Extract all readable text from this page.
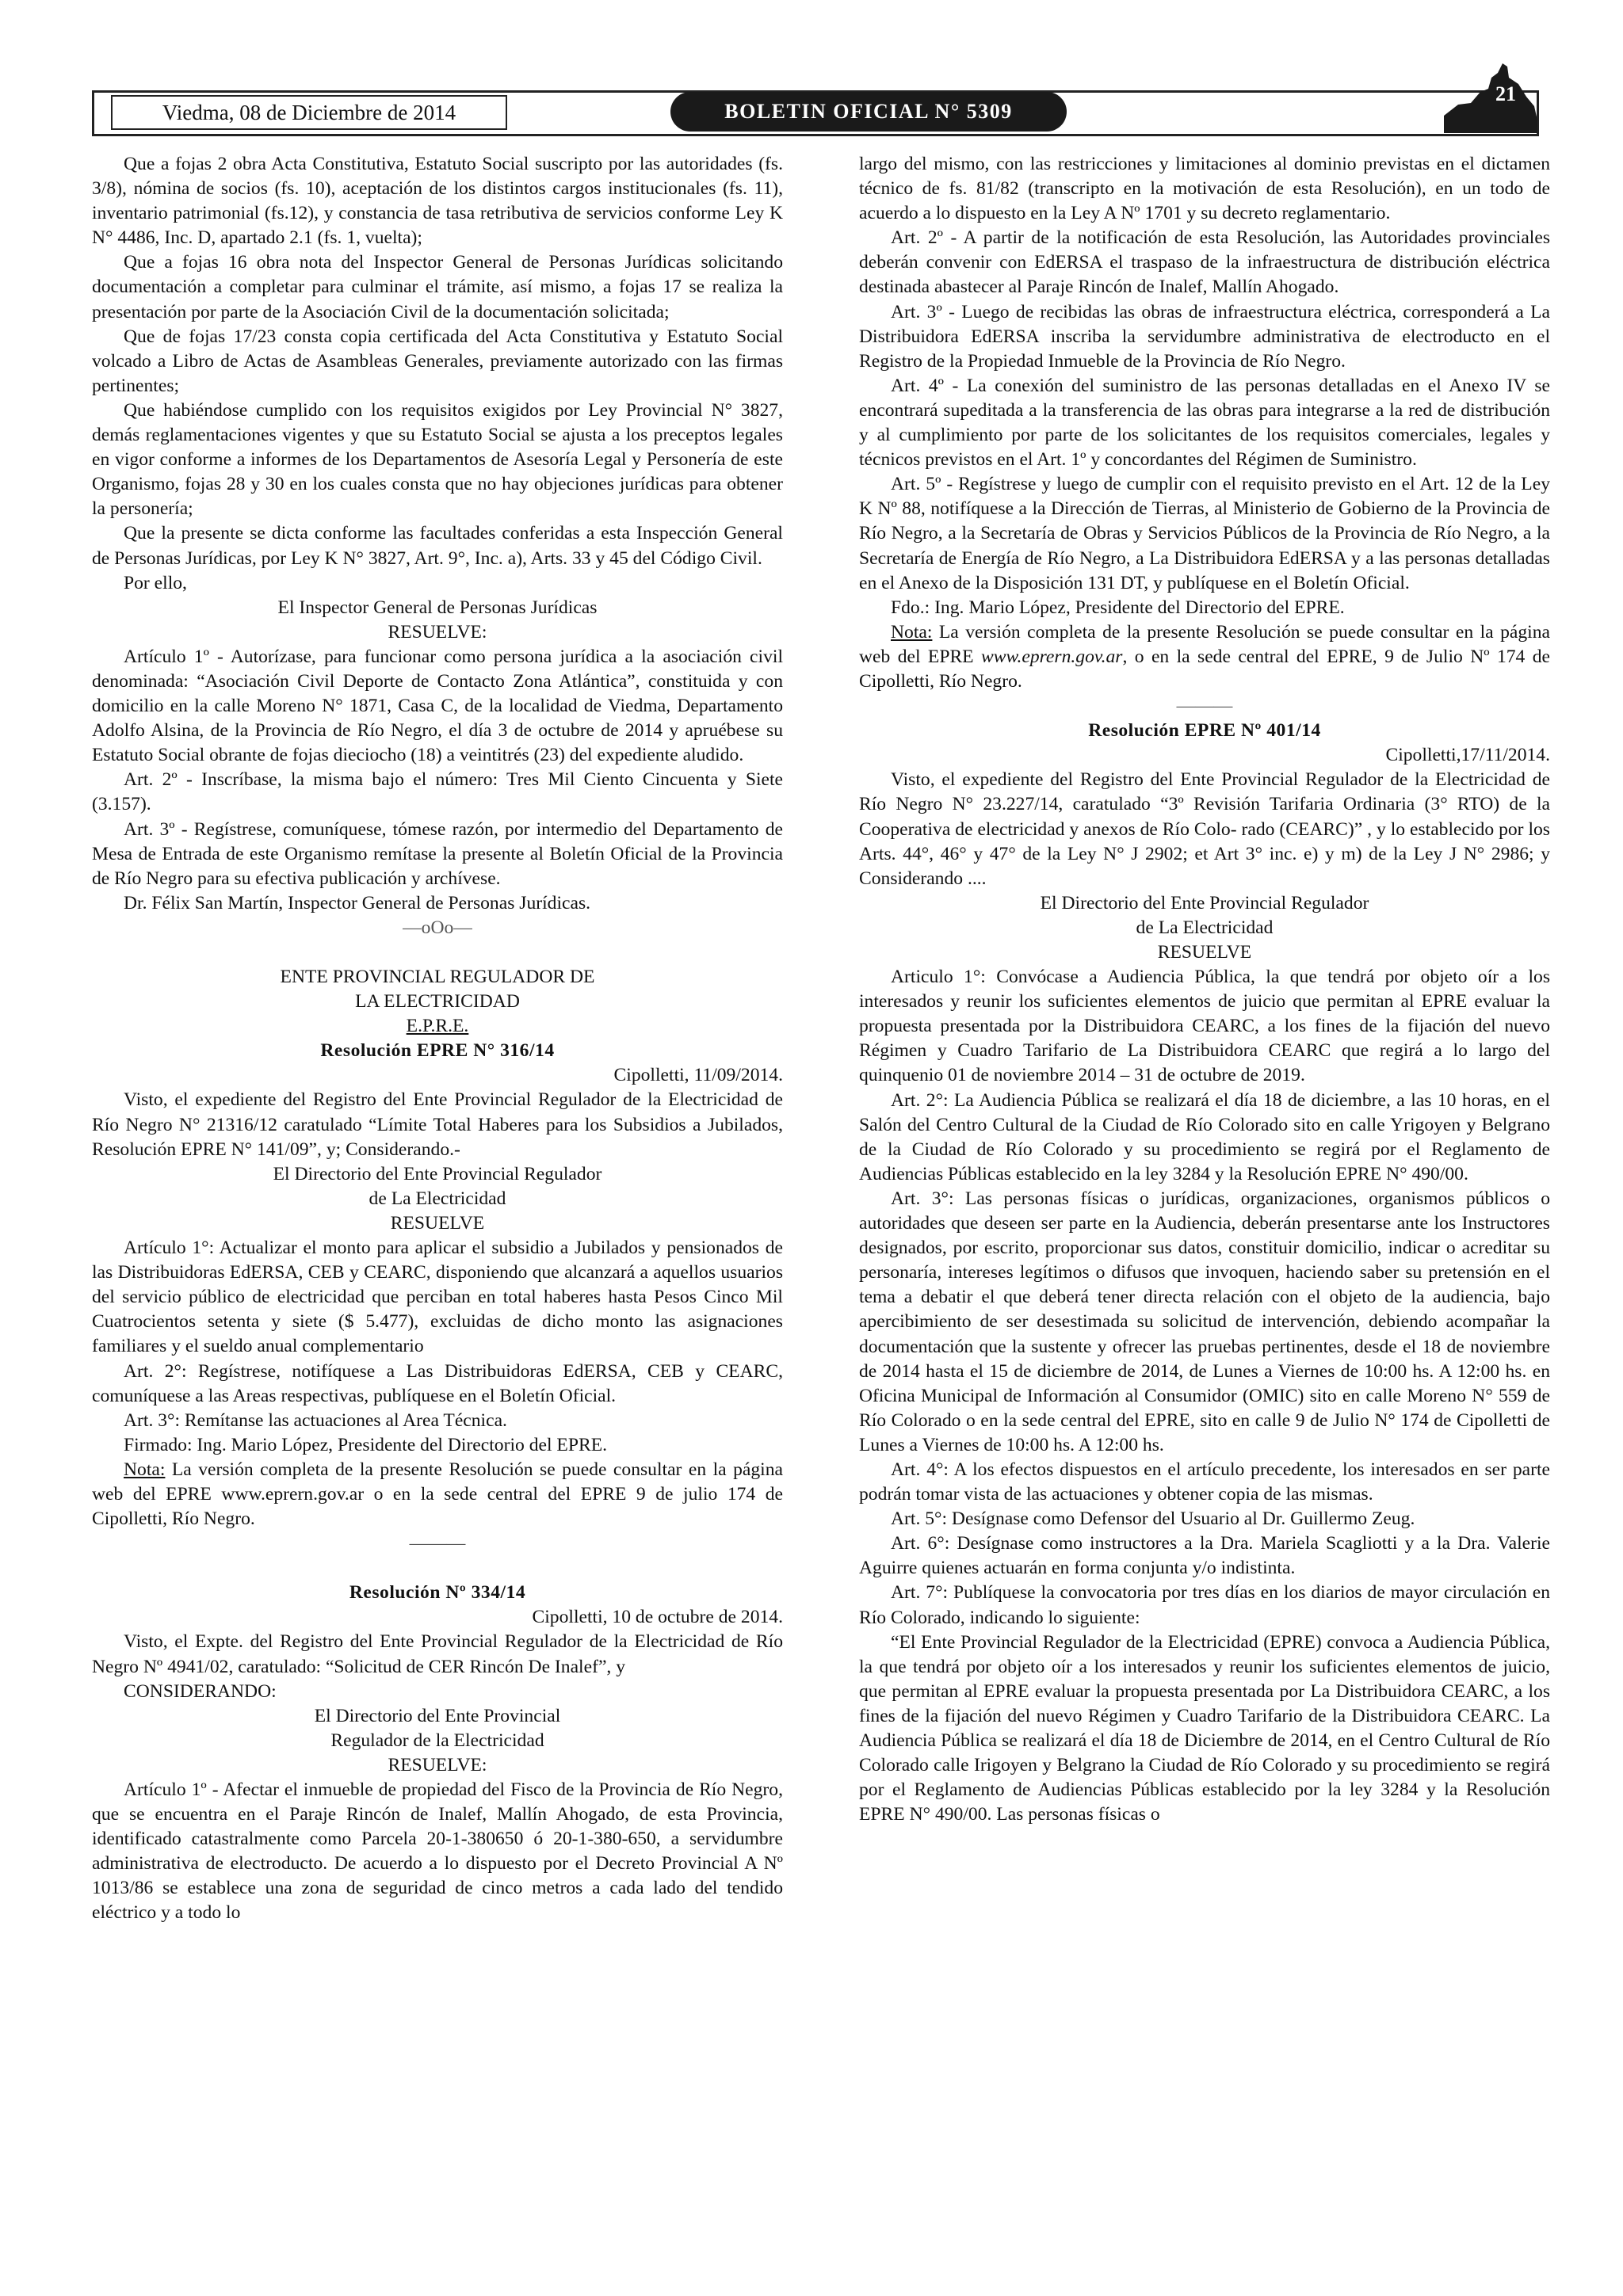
Viedma, 08 de Diciembre de 2014	BOLETIN OFICIAL N° 5309
21

Que a fojas 2 obra Acta Constitutiva, Estatuto Social suscripto por las autoridades (fs. 3/8), nómina de socios (fs. 10), aceptación de los distintos cargos institucionales (fs. 11), inventario patrimonial (fs.12), y constancia de tasa retributiva de servicios conforme Ley K N° 4486, Inc. D, apartado 2.1 (fs. 1, vuelta);

Que a fojas 16 obra nota del Inspector General de Personas Jurídicas solicitando documentación a completar para culminar el trámite, así mismo, a fojas 17 se realiza la presentación por parte de la Asociación Civil de la documentación solicitada;

Que de fojas 17/23 consta copia certificada del Acta Constitutiva y Estatuto Social volcado a Libro de Actas de Asambleas Generales, previamente autorizado con las firmas pertinentes;

Que habiéndose cumplido con los requisitos exigidos por Ley Provincial N° 3827, demás reglamentaciones vigentes y que su Estatuto Social se ajusta a los preceptos legales en vigor conforme a informes de los Departamentos de Asesoría Legal y Personería de este Organismo, fojas 28 y 30 en los cuales consta que no hay objeciones jurídicas para obtener la personería;

Que la presente se dicta conforme las facultades conferidas a esta Inspección General de Personas Jurídicas, por Ley K N° 3827, Art. 9°, Inc. a), Arts. 33 y 45 del Código Civil.

Por ello,

El Inspector General de Personas Jurídicas

RESUELVE:

Artículo 1º - Autorízase, para funcionar como persona jurídica a la asociación civil denominada: “Asociación Civil Deporte de Contacto Zona Atlántica”, constituida y con domicilio en la calle Moreno N° 1871, Casa C, de la localidad de Viedma, Departamento Adolfo Alsina, de la Provincia de Río Negro, el día 3 de octubre de 2014 y apruébese su Estatuto Social obrante de fojas dieciocho (18) a veintitrés (23) del expediente aludido.

Art. 2º - Inscríbase, la misma bajo el número: Tres Mil Ciento Cincuenta y Siete (3.157).

Art. 3º - Regístrese, comuníquese, tómese razón, por intermedio del Departamento de Mesa de Entrada de este Organismo remítase la presente al Boletín Oficial de la Provincia de Río Negro para su efectiva publicación y archívese.

Dr. Félix San Martín, Inspector General de Personas Jurídicas.

—oOo—

ENTE PROVINCIAL REGULADOR DE

LA ELECTRICIDAD

E.P.R.E.

Resolución EPRE N° 316/14

Cipolletti, 11/09/2014.

Visto, el expediente del Registro del Ente Provincial Regulador de la Electricidad de Río Negro N° 21316/12 caratulado “Límite Total Haberes para los Subsidios a Jubilados, Resolución EPRE N° 141/09”, y; Considerando.-

El Directorio del Ente Provincial Regulador

de La Electricidad

RESUELVE

Artículo 1°: Actualizar el monto para aplicar el subsidio a Jubilados y pensionados de las Distribuidoras EdERSA, CEB y CEARC, disponiendo que alcanzará a aquellos usuarios del servicio público de electricidad que perciban en total haberes hasta Pesos Cinco Mil Cuatrocientos setenta y siete ($ 5.477), excluidas de dicho monto las asignaciones familiares y el sueldo anual complementario

Art. 2°: Regístrese, notifíquese a Las Distribuidoras EdERSA, CEB y CEARC, comuníquese a las Areas respectivas, publíquese en el Boletín Oficial.

Art. 3°: Remítanse las actuaciones al Area Técnica.

Firmado: Ing. Mario López, Presidente del Directorio del EPRE.

Nota: La versión completa de la presente Resolución se puede consultar en la página web del EPRE www.eprern.gov.ar o en la sede central del EPRE 9 de julio 174 de Cipolletti, Río Negro.

———

Resolución Nº 334/14

Cipolletti, 10 de octubre de 2014.

Visto, el Expte. del Registro del Ente Provincial Regulador de la Electricidad de Río Negro Nº 4941/02, caratulado: “Solicitud de CER Rincón De Inalef”, y

CONSIDERANDO:

El Directorio del Ente Provincial

Regulador de la Electricidad

RESUELVE:

Artículo 1º - Afectar el inmueble de propiedad del Fisco de la Provincia de Río Negro, que se encuentra en el Paraje Rincón de Inalef, Mallín Ahogado, de esta Provincia, identificado catastralmente como Parcela 20-1-380650 ó 20-1-380-650, a servidumbre administrativa de electroducto. De acuerdo a lo dispuesto por el Decreto Provincial A Nº 1013/86 se establece una zona de seguridad de cinco metros a cada lado del tendido eléctrico y a todo lo

largo del mismo, con las restricciones y limitaciones al dominio previstas en el dictamen técnico de fs. 81/82 (transcripto en la motivación de esta Resolución), en un todo de acuerdo a lo dispuesto en la Ley A Nº 1701 y su decreto reglamentario.

Art. 2º - A partir de la notificación de esta Resolución, las Autoridades provinciales deberán convenir con EdERSA el traspaso de la infraestructura de distribución eléctrica destinada abastecer al Paraje Rincón de Inalef, Mallín Ahogado.

Art. 3º - Luego de recibidas las obras de infraestructura eléctrica, corresponderá a La Distribuidora EdERSA inscriba la servidumbre administrativa de electroducto en el Registro de la Propiedad Inmueble de la Provincia de Río Negro.

Art. 4º - La conexión del suministro de las personas detalladas en el Anexo IV se encontrará supeditada a la transferencia de las obras para integrarse a la red de distribución y al cumplimiento por parte de los solicitantes de los requisitos comerciales, legales y técnicos previstos en el Art. 1º y concordantes del Régimen de Suministro.

Art. 5º - Regístrese y luego de cumplir con el requisito previsto en el Art. 12 de la Ley K Nº 88, notifíquese a la Dirección de Tierras, al Ministerio de Gobierno de la Provincia de Río Negro, a la Secretaría de Obras y Servicios Públicos de la Provincia de Río Negro, a la Secretaría de Energía de Río Negro, a La Distribuidora EdERSA y a las personas detalladas en el Anexo de la Disposición 131 DT, y publíquese en el Boletín Oficial.

Fdo.: Ing. Mario López, Presidente del Directorio del EPRE.

Nota: La versión completa de la presente Resolución se puede consultar en la página web del EPRE www.eprern.gov.ar, o en la sede central del EPRE, 9 de Julio Nº 174 de Cipolletti, Río Negro.

———

Resolución EPRE Nº 401/14

Cipolletti,17/11/2014.

Visto, el expediente del Registro del Ente Provincial Regulador de la Electricidad de Río Negro N° 23.227/14, caratulado “3º Revisión Tarifaria Ordinaria (3° RTO) de la Cooperativa de electricidad y anexos de Río Colo- rado (CEARC)” , y lo establecido por los Arts. 44°, 46° y 47° de la Ley N° J 2902; et Art 3° inc. e) y m) de la Ley J N° 2986; y Considerando ....

El Directorio del Ente Provincial Regulador

de La Electricidad

RESUELVE

Articulo 1°: Convócase a Audiencia Pública, la que tendrá por objeto oír a los interesados y reunir los suficientes elementos de juicio que permitan al EPRE evaluar la propuesta presentada por la Distribuidora CEARC, a los fines de la fijación del nuevo Régimen y Cuadro Tarifario de La Distribuidora CEARC que regirá a lo largo del quinquenio 01 de noviembre 2014 – 31 de octubre de 2019.

Art. 2°: La Audiencia Pública se realizará el día 18 de diciembre, a las 10 horas, en el Salón del Centro Cultural de la Ciudad de Río Colorado sito en calle Yrigoyen y Belgrano de la Ciudad de Río Colorado y su procedimiento se regirá por el Reglamento de Audiencias Públicas establecido en la ley 3284 y la Resolución EPRE N° 490/00.

Art. 3°: Las personas físicas o jurídicas, organizaciones, organismos públicos o autoridades que deseen ser parte en la Audiencia, deberán presentarse ante los Instructores designados, por escrito, proporcionar sus datos, constituir domicilio, indicar o acreditar su personaría, intereses legítimos o difusos que invoquen, haciendo saber su pretensión en el tema a debatir el que deberá tener directa relación con el objeto de la audiencia, bajo apercibimiento de ser desestimada su solicitud de intervención, debiendo acompañar la documentación que la sustente y ofrecer las pruebas pertinentes, desde el 18 de noviembre de 2014 hasta el 15 de diciembre de 2014, de Lunes a Viernes de 10:00 hs. A 12:00 hs. en Oficina Municipal de Información al Consumidor (OMIC) sito en calle Moreno N° 559 de Río Colorado o en la sede central del EPRE, sito en calle 9 de Julio N° 174 de Cipolletti de Lunes a Viernes de 10:00 hs. A 12:00 hs.

Art. 4°: A los efectos dispuestos en el artículo precedente, los interesados en ser parte podrán tomar vista de las actuaciones y obtener copia de las mismas.

Art. 5°: Desígnase como Defensor del Usuario al Dr. Guillermo Zeug.

Art. 6°: Desígnase como instructores a la Dra. Mariela Scagliotti y a la Dra. Valerie Aguirre quienes actuarán en forma conjunta y/o indistinta.

Art. 7°: Publíquese la convocatoria por tres días en los diarios de mayor circulación en Río Colorado, indicando lo siguiente:

“El Ente Provincial Regulador de la Electricidad (EPRE) convoca a Audiencia Pública, la que tendrá por objeto oír a los interesados y reunir los suficientes elementos de juicio, que permitan al EPRE evaluar la propuesta presentada por La Distribuidora CEARC, a los fines de la fijación del nuevo Régimen y Cuadro Tarifario de la Distribuidora CEARC. La Audiencia Pública se realizará el día 18 de Diciembre de 2014, en el Centro Cultural de Río Colorado calle Irigoyen y Belgrano la Ciudad de Río Colorado y su procedimiento se regirá por el Reglamento de Audiencias Públicas establecido por la ley 3284 y la Resolución EPRE N° 490/00. Las personas físicas o
